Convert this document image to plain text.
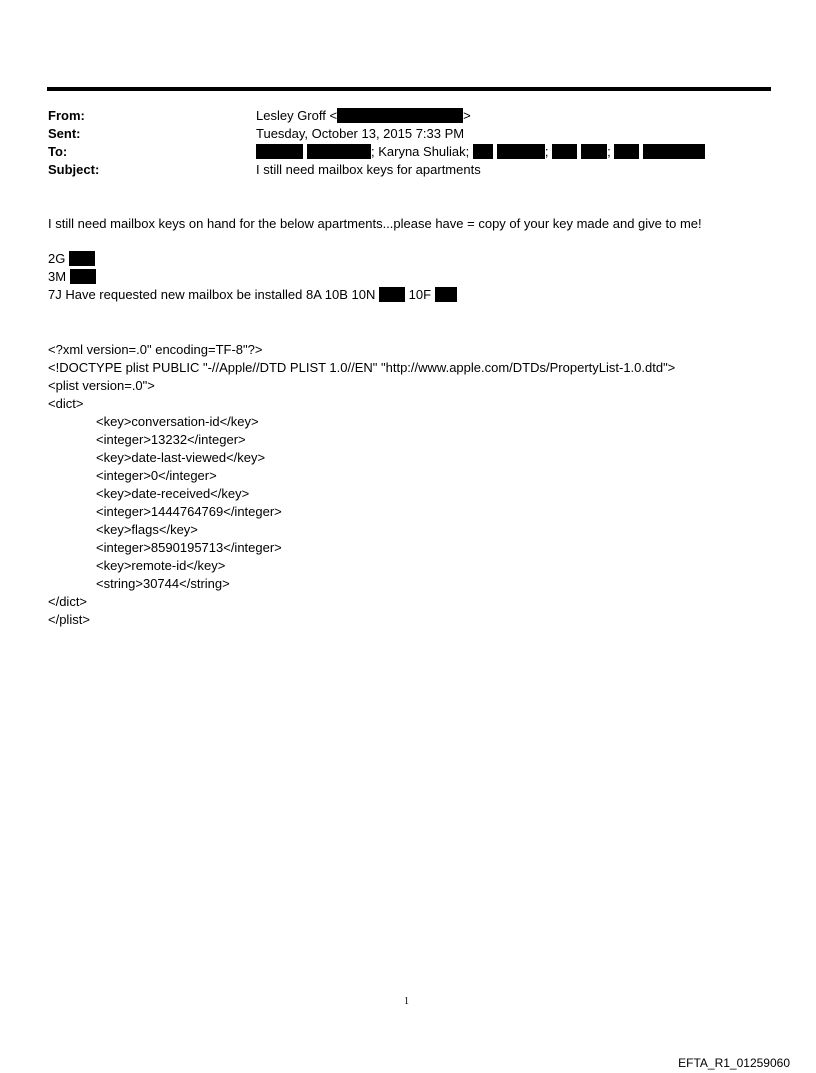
From:	Lesley Groff <	>
Sent:	Tuesday, October 13, 2015 7:33 PM
To:	; Karyna Shuliak;	;	;
Subject:	I still need mailbox keys for apartments
I still need mailbox keys on hand for the below apartments...please have = copy of your key made and give to me!
2G
3M
7J Have requested new mailbox be installed 8A 10B 10N	10F
<?xml version=.0" encoding=TF-8"?>
<!DOCTYPE plist PUBLIC "-//Apple//DTD PLIST 1.0//EN" "http://www.apple.com/DTDs/PropertyList-1.0.dtd">
<plist version=.0">
<dict>
<key>conversation-id</key>
<integer>13232</integer>
<key>date-last-viewed</key>
<integer>0</integer>
<key>date-received</key>
<integer>1444764769</integer>
<key>flags</key>
<integer>8590195713</integer>
<key>remote-id</key>
<string>30744</string>
</dict>
</plist>
1
EFTA_R1_01259060
